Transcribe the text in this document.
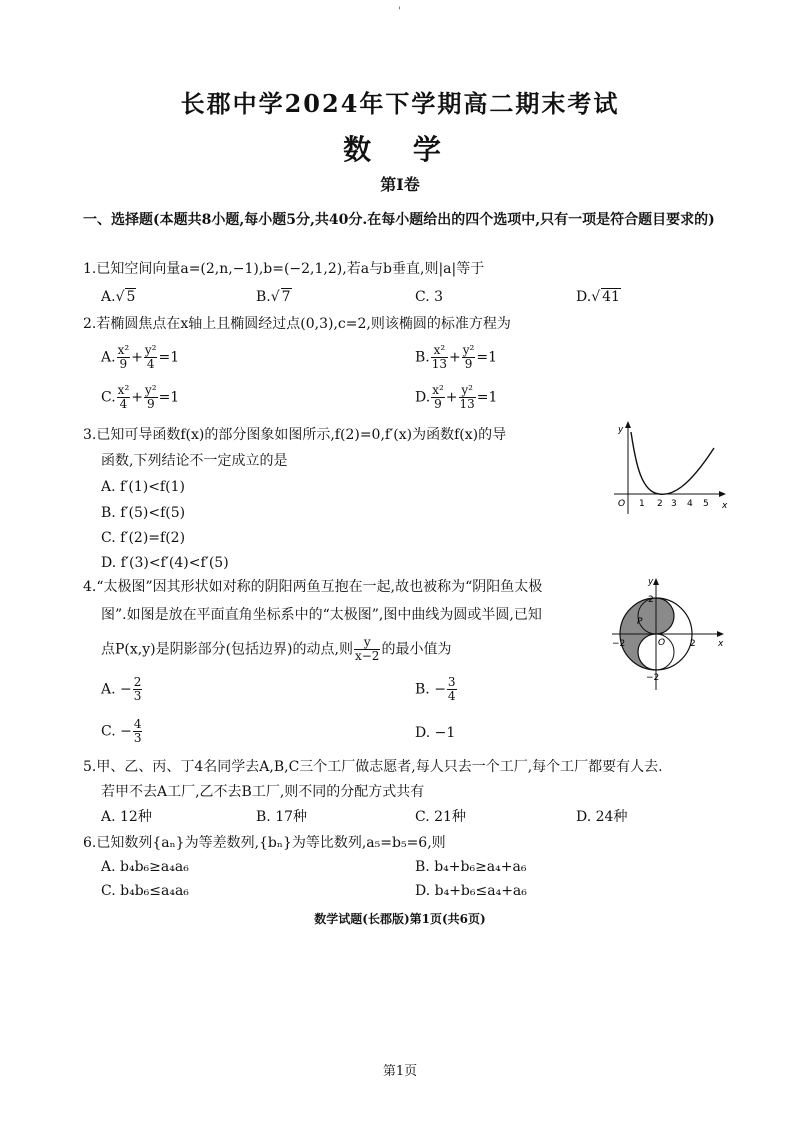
'
长郡中学2024年下学期高二期末考试
数 学
第Ⅰ卷
一、选择题(本题共8小题,每小题5分,共40分.在每小题给出的四个选项中,只有一项是符合题目要求的)
1.已知空间向量a=(2,n,−1),b=(−2,1,2),若a与b垂直,则|a|等于
A.√ 5	B.√ 7	C. 3	D.√ 41
2.若椭圆焦点在x轴上且椭圆经过点(0,3),c=2,则该椭圆的标准方程为
A. $\frac{\text{x²}}{9} + \frac{\text{y²}}{4} =1$	B. $\frac{\text{x²}}{13} + \frac{\text{y²}}{9} =1$
C. $\frac{\text{x²}}{4} + \frac{\text{y²}}{9} =1$	D. $\frac{\text{x²}}{9} + \frac{\text{y²}}{13} =1$
3.已知可导函数f(x)的部分图象如图所示,f(2)=0,f′(x)为函数f(x)的导
函数,下列结论不一定成立的是
A. f′(1)<f(1)
B. f′(5)<f(5)
C. f′(2)=f(2)
D. f′(3)<f′(4)<f′(5)
y
x
O 1 2 3 4 5
4.“太极图”因其形状如对称的阴阳两鱼互抱在一起,故也被称为“阴阳鱼太极
图”.如图是放在平面直角坐标系中的“太极图”,图中曲线为圆或半圆,已知
点P(x,y)是阴影部分(包括边界)的动点,则 $\frac{y}{x-2}$ 的最小值为
A. − $\frac{2}{3}$	B. − $\frac{3}{4}$
C. − $\frac{4}{3}$	D. −1
y
x
O
P
2
−2
2
−2
5.甲、乙、丙、丁4名同学去A,B,C三个工厂做志愿者,每人只去一个工厂,每个工厂都要有人去.
若甲不去A工厂,乙不去B工厂,则不同的分配方式共有
A. 12种	B. 17种	C. 21种	D. 24种
6.已知数列{aₙ}为等差数列,{bₙ}为等比数列,a₅=b₅=6,则
A. b₄b₆≥a₄a₆	B. b₄+b₆≥a₄+a₆
C. b₄b₆≤a₄a₆	D. b₄+b₆≤a₄+a₆
数学试题(长郡版)第1页(共6页)
第1页
